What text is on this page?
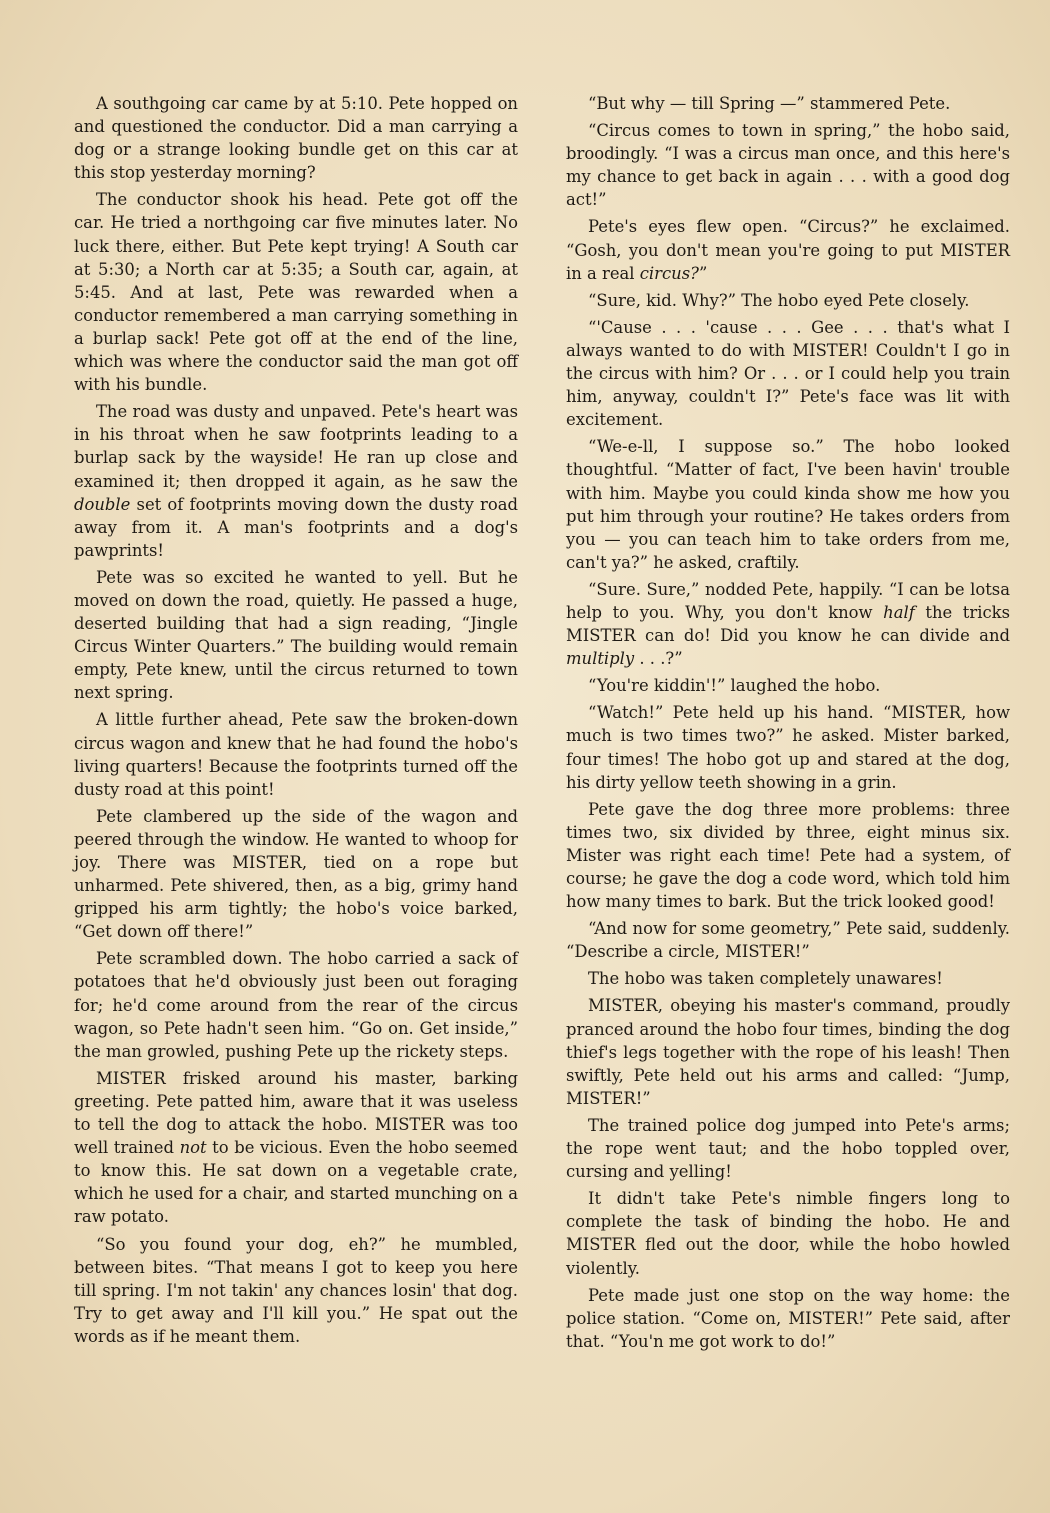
A southgoing car came by at 5:10. Pete hopped on and questioned the conductor. Did a man carrying a dog or a strange looking bundle get on this car at this stop yesterday morning?

The conductor shook his head. Pete got off the car. He tried a northgoing car five minutes later. No luck there, either. But Pete kept trying! A South car at 5:30; a North car at 5:35; a South car, again, at 5:45. And at last, Pete was rewarded when a conductor remembered a man carrying something in a burlap sack! Pete got off at the end of the line, which was where the conductor said the man got off with his bundle.

The road was dusty and unpaved. Pete's heart was in his throat when he saw footprints leading to a burlap sack by the wayside! He ran up close and examined it; then dropped it again, as he saw the double set of footprints moving down the dusty road away from it. A man's footprints and a dog's pawprints!

Pete was so excited he wanted to yell. But he moved on down the road, quietly. He passed a huge, deserted building that had a sign reading, “Jingle Circus Winter Quarters.” The building would remain empty, Pete knew, until the circus returned to town next spring.

A little further ahead, Pete saw the broken-down circus wagon and knew that he had found the hobo's living quarters! Because the footprints turned off the dusty road at this point!

Pete clambered up the side of the wagon and peered through the window. He wanted to whoop for joy. There was MISTER, tied on a rope but unharmed. Pete shivered, then, as a big, grimy hand gripped his arm tightly; the hobo's voice barked, “Get down off there!”

Pete scrambled down. The hobo carried a sack of potatoes that he'd obviously just been out foraging for; he'd come around from the rear of the circus wagon, so Pete hadn't seen him. “Go on. Get inside,” the man growled, pushing Pete up the rickety steps.

MISTER frisked around his master, barking greeting. Pete patted him, aware that it was useless to tell the dog to attack the hobo. MISTER was too well trained not to be vicious. Even the hobo seemed to know this. He sat down on a vegetable crate, which he used for a chair, and started munching on a raw potato.

“So you found your dog, eh?” he mumbled, between bites. “That means I got to keep you here till spring. I'm not takin' any chances losin' that dog. Try to get away and I'll kill you.” He spat out the words as if he meant them.

“But why — till Spring —” stammered Pete.

“Circus comes to town in spring,” the hobo said, broodingly. “I was a circus man once, and this here's my chance to get back in again . . . with a good dog act!”

Pete's eyes flew open. “Circus?” he exclaimed. “Gosh, you don't mean you're going to put MISTER in a real circus?”

“Sure, kid. Why?” The hobo eyed Pete closely.

“'Cause . . . 'cause . . . Gee . . . that's what I always wanted to do with MISTER! Couldn't I go in the circus with him? Or . . . or I could help you train him, anyway, couldn't I?” Pete's face was lit with excitement.

“We-e-ll, I suppose so.” The hobo looked thoughtful. “Matter of fact, I've been havin' trouble with him. Maybe you could kinda show me how you put him through your routine? He takes orders from you — you can teach him to take orders from me, can't ya?” he asked, craftily.

“Sure. Sure,” nodded Pete, happily. “I can be lotsa help to you. Why, you don't know half the tricks MISTER can do! Did you know he can divide and multiply . . .?”

“You're kiddin'!” laughed the hobo.

“Watch!” Pete held up his hand. “MISTER, how much is two times two?” he asked. Mister barked, four times! The hobo got up and stared at the dog, his dirty yellow teeth showing in a grin.

Pete gave the dog three more problems: three times two, six divided by three, eight minus six. Mister was right each time! Pete had a system, of course; he gave the dog a code word, which told him how many times to bark. But the trick looked good!

“And now for some geometry,” Pete said, suddenly. “Describe a circle, MISTER!”

The hobo was taken completely unawares!

MISTER, obeying his master's command, proudly pranced around the hobo four times, binding the dog thief's legs together with the rope of his leash! Then swiftly, Pete held out his arms and called: “Jump, MISTER!”

The trained police dog jumped into Pete's arms; the rope went taut; and the hobo toppled over, cursing and yelling!

It didn't take Pete's nimble fingers long to complete the task of binding the hobo. He and MISTER fled out the door, while the hobo howled violently.

Pete made just one stop on the way home: the police station. “Come on, MISTER!” Pete said, after that. “You'n me got work to do!”
